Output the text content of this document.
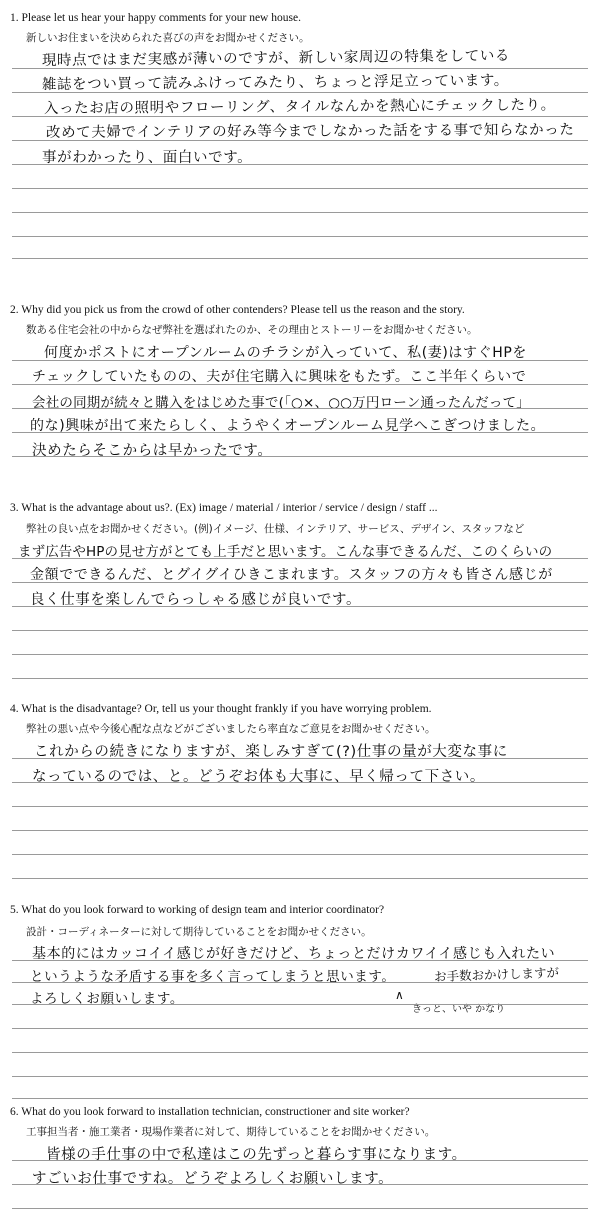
1. Please let us hear your happy comments for your new house.
新しいお住まいを決められた喜びの声をお聞かせください。
現時点ではまだ実感が薄いのですが、新しい家周辺の特集をしている
雑誌をつい買って読みふけってみたり、ちょっと浮足立っています。
入ったお店の照明やフローリング、タイルなんかを熱心にチェックしたり。
改めて夫婦でインテリアの好み等今までしなかった話をする事で知らなかった
事がわかったり、面白いです。
2. Why did you pick us from the crowd of other contenders? Please tell us the reason and the story.
数ある住宅会社の中からなぜ弊社を選ばれたのか、その理由とストーリーをお聞かせください。
何度かポストにオープンルームのチラシが入っていて、私(妻)はすぐHPを
チェックしていたものの、夫が住宅購入に興味をもたず。ここ半年くらいで
会社の同期が続々と購入をはじめた事で(「○×、○○万円ローン通ったんだって」
的な)興味が出て来たらしく、ようやくオープンルーム見学へこぎつけました。
決めたらそこからは早かったです。
3. What is the advantage about us?. (Ex) image / material / interior / service / design / staff ...
弊社の良い点をお聞かせください。(例)イメージ、仕様、インテリア、サービス、デザイン、スタッフなど
まず広告やHPの見せ方がとても上手だと思います。こんな事できるんだ、このくらいの
金額でできるんだ、とグイグイひきこまれます。スタッフの方々も皆さん感じが
良く仕事を楽しんでらっしゃる感じが良いです。
4. What is the disadvantage? Or, tell us your thought frankly if you have worrying problem.
弊社の悪い点や今後心配な点などがございましたら率直なご意見をお聞かせください。
これからの続きになりますが、楽しみすぎて(?)仕事の量が大変な事に
なっているのでは、と。どうぞお体も大事に、早く帰って下さい。
5. What do you look forward to working of design team and interior coordinator?
設計・コーディネーターに対して期待していることをお聞かせください。
基本的にはカッコイイ感じが好きだけど、ちょっとだけカワイイ感じも入れたい
というような矛盾する事を多く言ってしまうと思います。
よろしくお願いします。
お手数おかけしますが
∧
きっと、いや かなり
6. What do you look forward to installation technician, constructioner and site worker?
工事担当者・施工業者・現場作業者に対して、期待していることをお聞かせください。
皆様の手仕事の中で私達はこの先ずっと暮らす事になります。
すごいお仕事ですね。どうぞよろしくお願いします。
